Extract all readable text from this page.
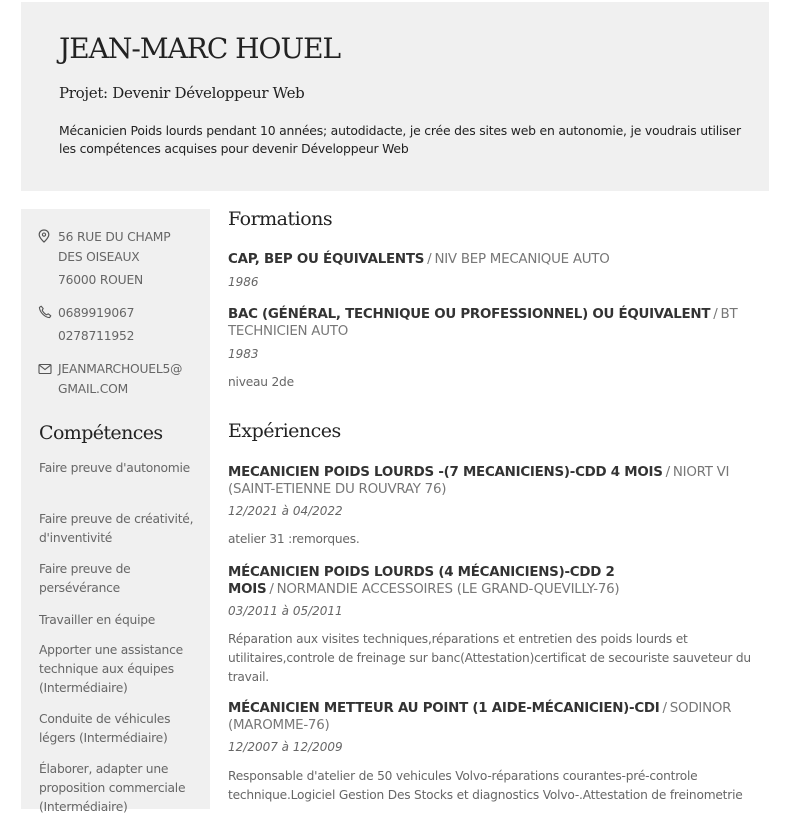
JEAN-MARC HOUEL
Projet: Devenir Développeur Web
Mécanicien Poids lourds pendant 10 années; autodidacte, je crée des sites web en autonomie, je voudrais utiliser les compétences acquises pour devenir Développeur Web
56 RUE DU CHAMP
DES OISEAUX
76000 ROUEN
0689919067
0278711952
JEANMARCHOUEL5@
GMAIL.COM
Compétences
Faire preuve d'autonomie
Faire preuve de créativité, d'inventivité
Faire preuve de persévérance
Travailler en équipe
Apporter une assistance technique aux équipes (Intermédiaire)
Conduite de véhicules légers (Intermédiaire)
Élaborer, adapter une proposition commerciale (Intermédiaire)
Formations
CAP, BEP OU ÉQUIVALENTS / NIV BEP MECANIQUE AUTO
1986
BAC (GÉNÉRAL, TECHNIQUE OU PROFESSIONNEL) OU ÉQUIVALENT / BT TECHNICIEN AUTO
1983
niveau 2de
Expériences
MECANICIEN POIDS LOURDS -(7 MECANICIENS)-CDD 4 MOIS / NIORT VI (SAINT-ETIENNE DU ROUVRAY 76)
12/2021 à 04/2022
atelier 31 :remorques.
MÉCANICIEN POIDS LOURDS (4 MÉCANICIENS)-CDD 2 MOIS / NORMANDIE ACCESSOIRES (LE GRAND-QUEVILLY-76)
03/2011 à 05/2011
Réparation aux visites techniques,réparations et entretien des poids lourds et utilitaires,controle de freinage sur banc(Attestation)certificat de secouriste sauveteur du travail.
MÉCANICIEN METTEUR AU POINT (1 AIDE-MÉCANICIEN)-CDI / SODINOR (MAROMME-76)
12/2007 à 12/2009
Responsable d'atelier de 50 vehicules Volvo-réparations courantes-pré-controle technique.Logiciel Gestion Des Stocks et diagnostics Volvo-.Attestation de freinometrie
